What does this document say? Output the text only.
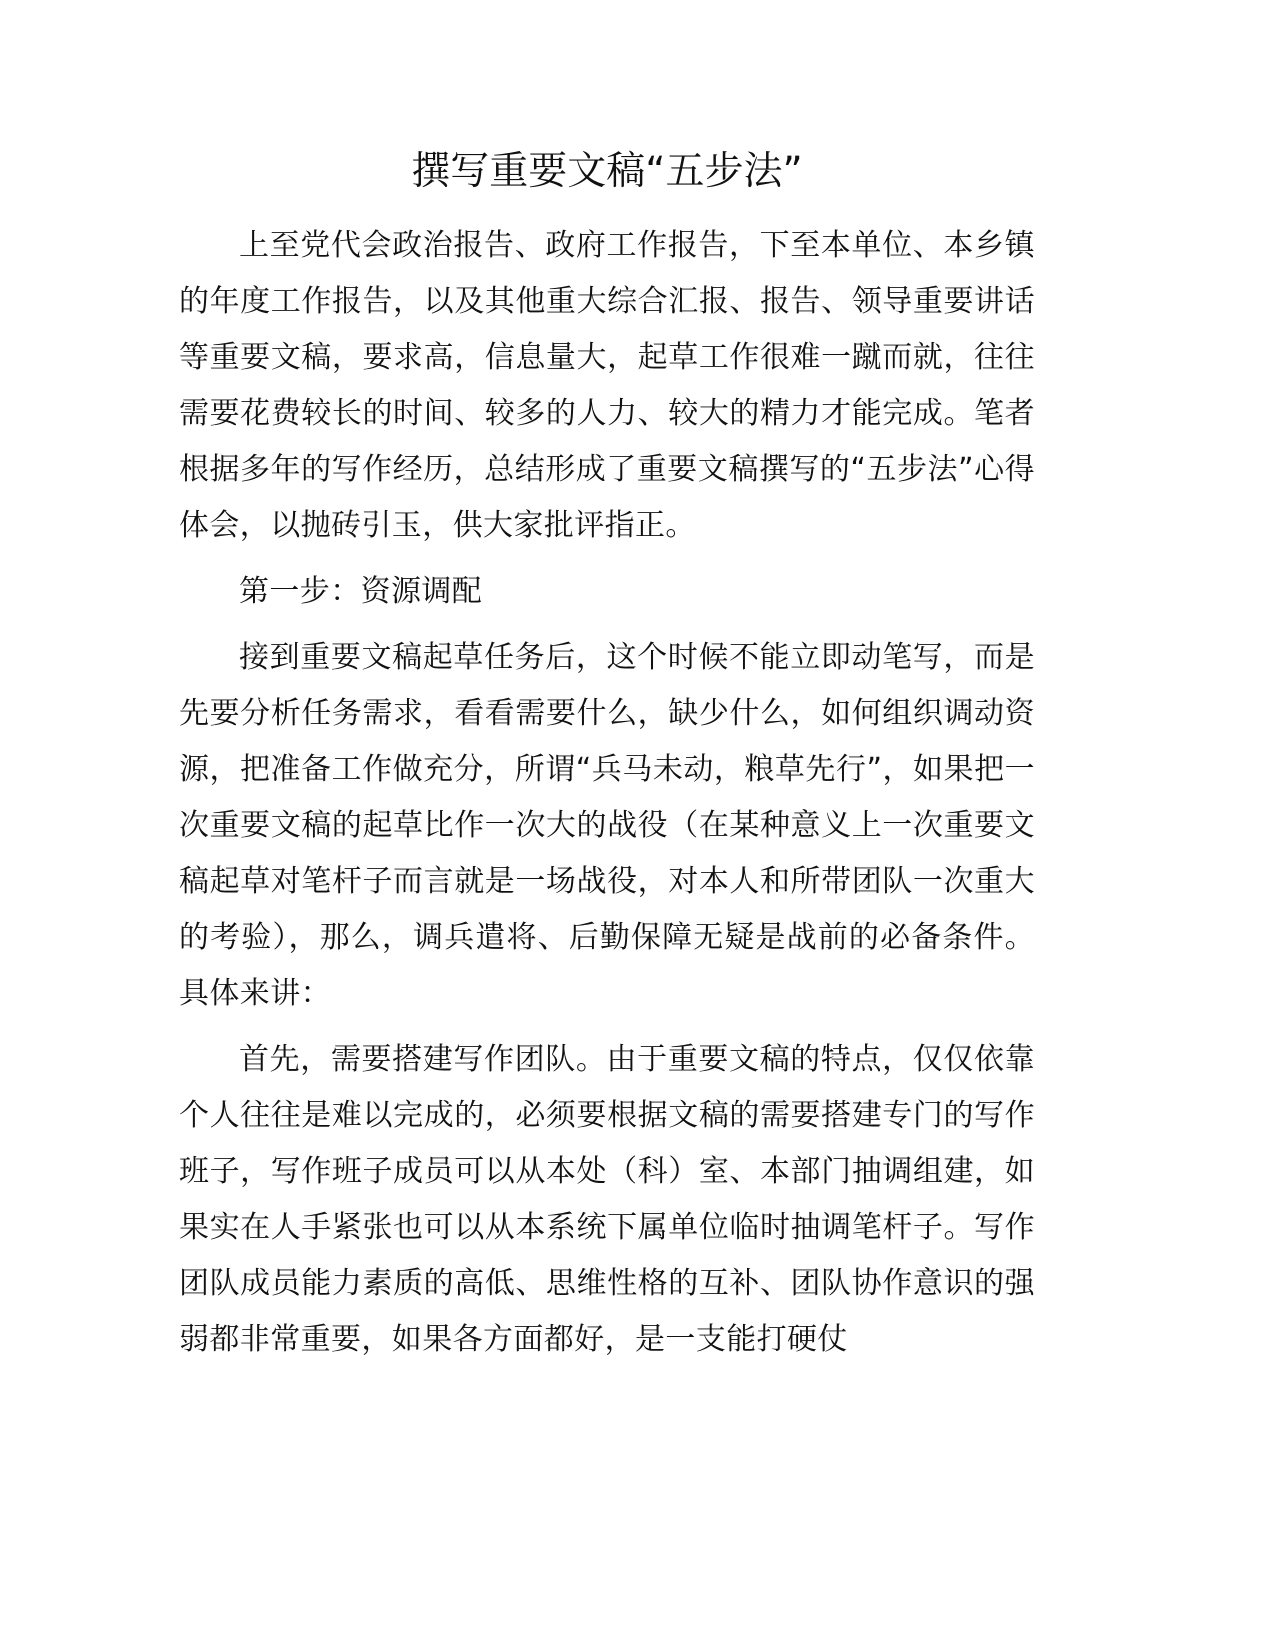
撰写重要文稿“五步法”

上至党代会政治报告、政府工作报告，下至本单位、本乡镇的年度工作报告，以及其他重大综合汇报、报告、领导重要讲话等重要文稿，要求高，信息量大，起草工作很难一蹴而就，往往需要花费较长的时间、较多的人力、较大的精力才能完成。笔者根据多年的写作经历，总结形成了重要文稿撰写的“五步法”心得体会，以抛砖引玉，供大家批评指正。

第一步：资源调配

接到重要文稿起草任务后，这个时候不能立即动笔写，而是先要分析任务需求，看看需要什么，缺少什么，如何组织调动资源，把准备工作做充分，所谓“兵马未动，粮草先行”，如果把一次重要文稿的起草比作一次大的战役（在某种意义上一次重要文稿起草对笔杆子而言就是一场战役，对本人和所带团队一次重大的考验），那么，调兵遣将、后勤保障无疑是战前的必备条件。具体来讲：

首先，需要搭建写作团队。由于重要文稿的特点，仅仅依靠个人往往是难以完成的，必须要根据文稿的需要搭建专门的写作班子，写作班子成员可以从本处（科）室、本部门抽调组建，如果实在人手紧张也可以从本系统下属单位临时抽调笔杆子。写作团队成员能力素质的高低、思维性格的互补、团队协作意识的强弱都非常重要，如果各方面都好，是一支能打硬仗
